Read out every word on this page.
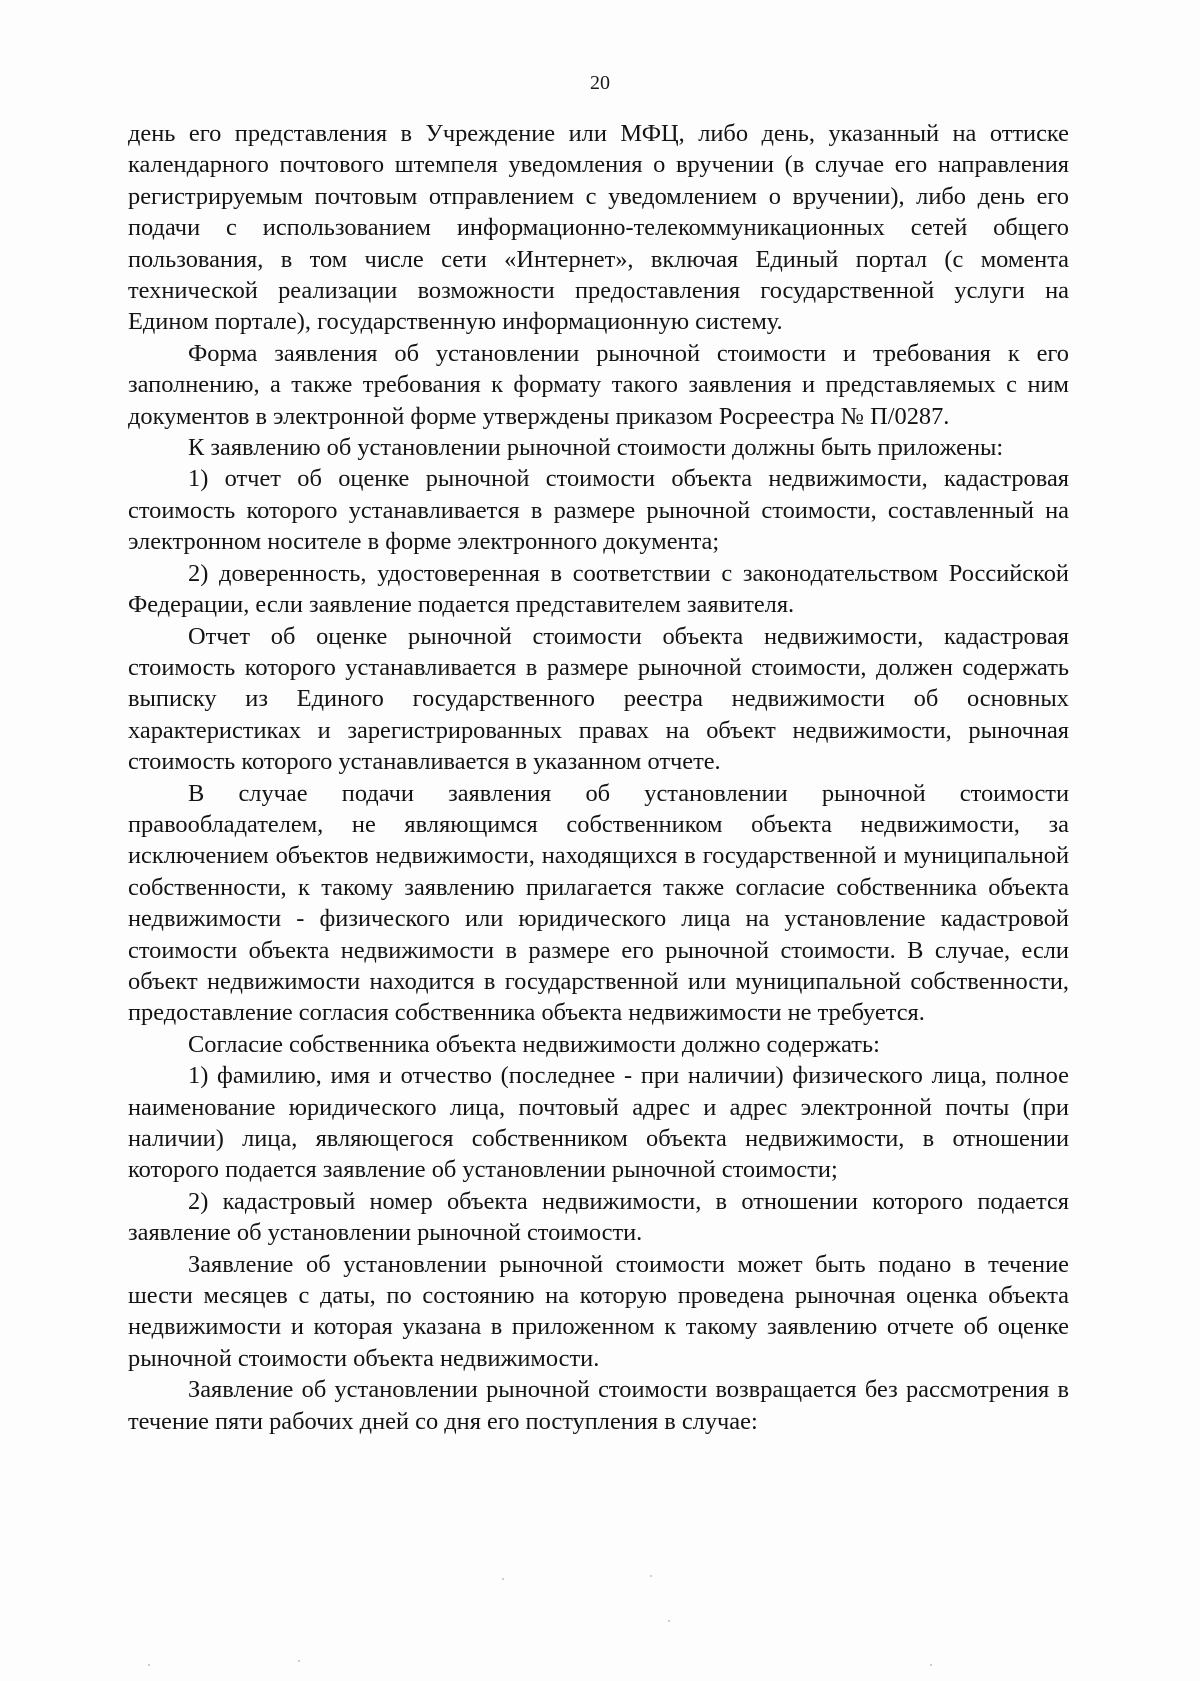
20

день его представления в Учреждение или МФЦ, либо день, указанный на оттиске календарного почтового штемпеля уведомления о вручении (в случае его направления регистрируемым почтовым отправлением с уведомлением о вручении), либо день его подачи с использованием информационно-телекоммуникационных сетей общего пользования, в том числе сети «Интернет», включая Единый портал (с момента технической реализации возможности предоставления государственной услуги на Едином портале), государственную информационную систему.

Форма заявления об установлении рыночной стоимости и требования к его заполнению, а также требования к формату такого заявления и представляемых с ним документов в электронной форме утверждены приказом Росреестра № П/0287.

К заявлению об установлении рыночной стоимости должны быть приложены:

1) отчет об оценке рыночной стоимости объекта недвижимости, кадастровая стоимость которого устанавливается в размере рыночной стоимости, составленный на электронном носителе в форме электронного документа;

2) доверенность, удостоверенная в соответствии с законодательством Российской Федерации, если заявление подается представителем заявителя.

Отчет об оценке рыночной стоимости объекта недвижимости, кадастровая стоимость которого устанавливается в размере рыночной стоимости, должен содержать выписку из Единого государственного реестра недвижимости об основных характеристиках и зарегистрированных правах на объект недвижимости, рыночная стоимость которого устанавливается в указанном отчете.

В случае подачи заявления об установлении рыночной стоимости правообладателем, не являющимся собственником объекта недвижимости, за исключением объектов недвижимости, находящихся в государственной и муниципальной собственности, к такому заявлению прилагается также согласие собственника объекта недвижимости - физического или юридического лица на установление кадастровой стоимости объекта недвижимости в размере его рыночной стоимости. В случае, если объект недвижимости находится в государственной или муниципальной собственности, предоставление согласия собственника объекта недвижимости не требуется.

Согласие собственника объекта недвижимости должно содержать:

1) фамилию, имя и отчество (последнее - при наличии) физического лица, полное наименование юридического лица, почтовый адрес и адрес электронной почты (при наличии) лица, являющегося собственником объекта недвижимости, в отношении которого подается заявление об установлении рыночной стоимости;

2) кадастровый номер объекта недвижимости, в отношении которого подается заявление об установлении рыночной стоимости.

Заявление об установлении рыночной стоимости может быть подано в течение шести месяцев с даты, по состоянию на которую проведена рыночная оценка объекта недвижимости и которая указана в приложенном к такому заявлению отчете об оценке рыночной стоимости объекта недвижимости.

Заявление об установлении рыночной стоимости возвращается без рассмотрения в течение пяти рабочих дней со дня его поступления в случае:
